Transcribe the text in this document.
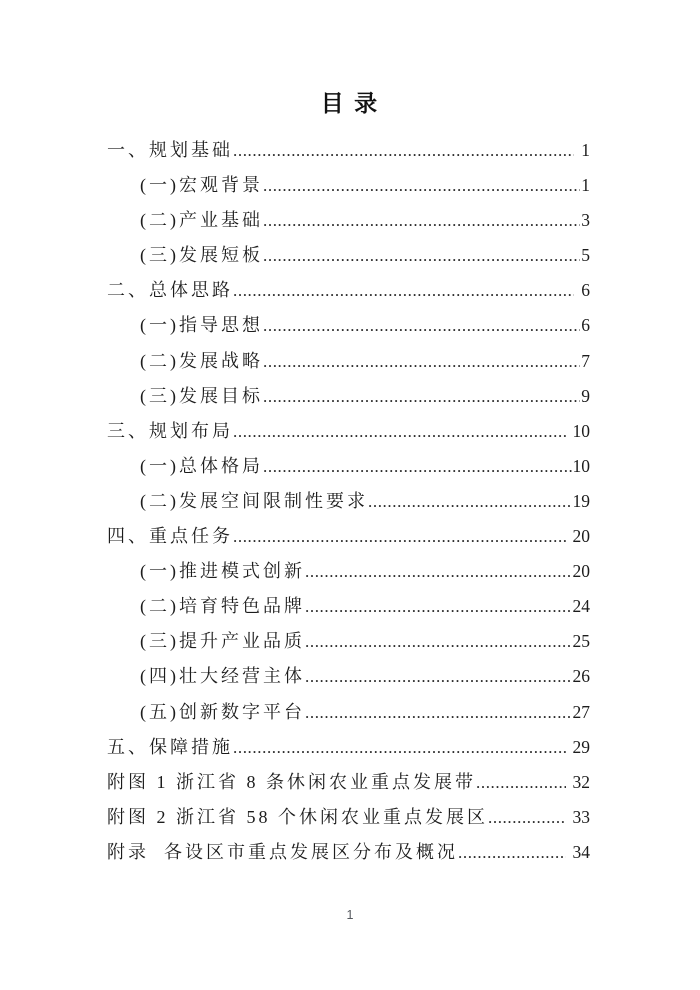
目 录
一、规划基础 .....	1
(一)宏观背景 .....	1
(二)产业基础 .....	3
(三)发展短板 .....	5
二、总体思路 .....	6
(一)指导思想 .....	6
(二)发展战略 .....	7
(三)发展目标 .....	9
三、规划布局 .....	10
(一)总体格局 .....	10
(二)发展空间限制性要求 .....	19
四、重点任务 .....	20
(一)推进模式创新 .....	20
(二)培育特色品牌 .....	24
(三)提升产业品质 .....	25
(四)壮大经营主体 .....	26
(五)创新数字平台 .....	27
五、保障措施 .....	29
附图 1 浙江省 8 条休闲农业重点发展带 .....	32
附图 2 浙江省 58 个休闲农业重点发展区 .....	33
附录  各设区市重点发展区分布及概况 .....	34
1
